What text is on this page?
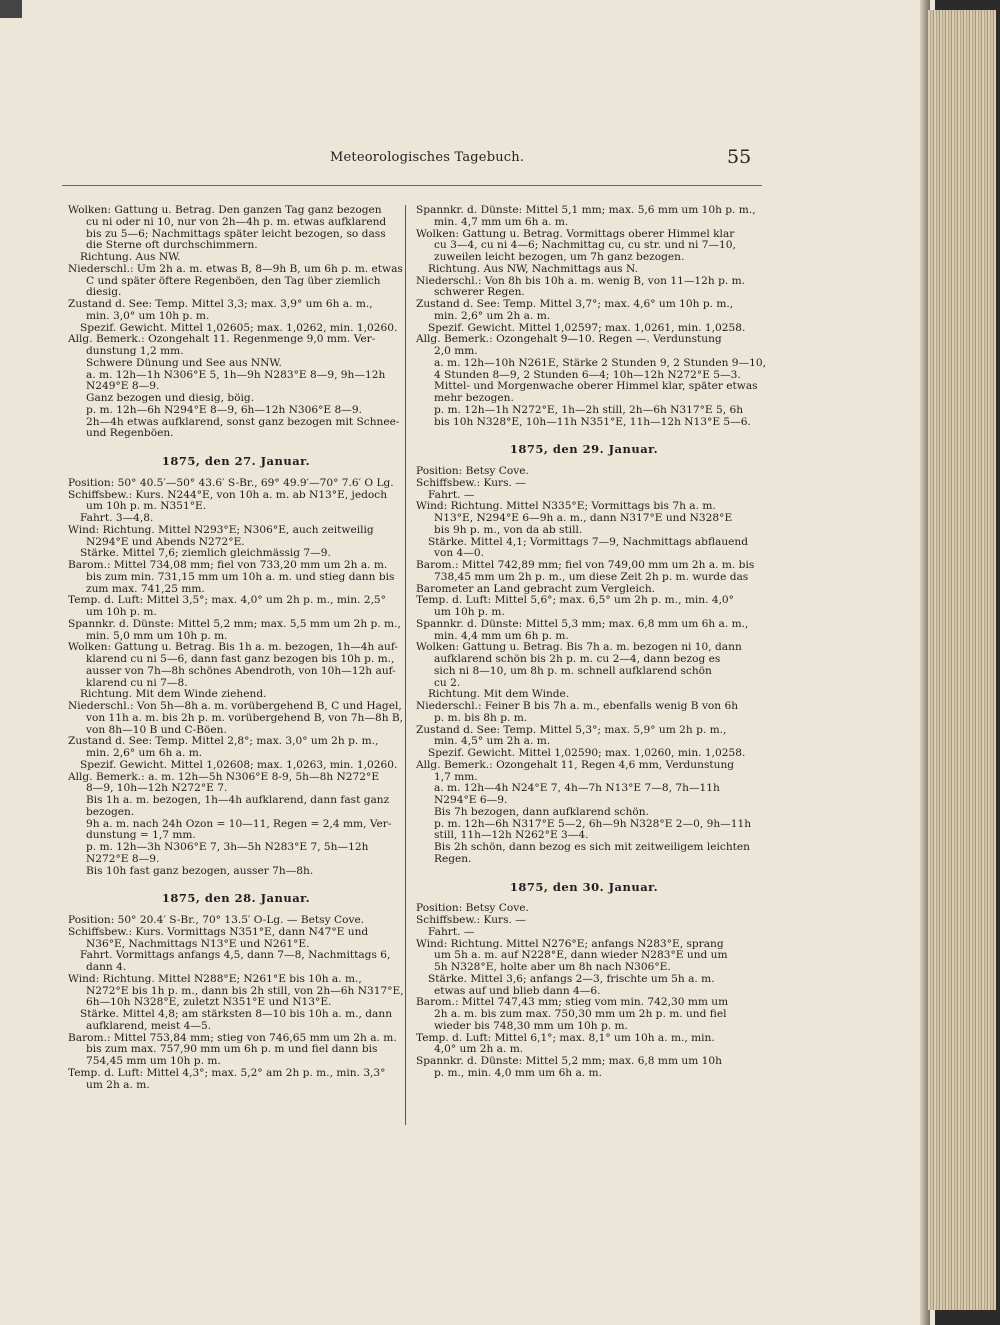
Meteorologisches Tagebuch.	55
Wolken: Gattung u. Betrag. Den ganzen Tag ganz bezogen
cu ni oder ni 10, nur von 2h—4h p. m. etwas aufklarend
bis zu 5—6; Nachmittags später leicht bezogen, so dass
die Sterne oft durchschimmern.
Richtung. Aus NW.
Niederschl.: Um 2h a. m. etwas B, 8—9h B, um 6h p. m. etwas
C und später öftere Regenböen, den Tag über ziemlich
diesig.
Zustand d. See: Temp. Mittel 3,3; max. 3,9° um 6h a. m.,
min. 3,0° um 10h p. m.
Spezif. Gewicht. Mittel 1,02605; max. 1,0262, min. 1,0260.
Allg. Bemerk.: Ozongehalt 11. Regenmenge 9,0 mm. Ver-
dunstung 1,2 mm.
Schwere Dünung und See aus NNW.
a. m. 12h—1h N306°E 5, 1h—9h N283°E 8—9, 9h—12h
N249°E 8—9.
Ganz bezogen und diesig, böig.
p. m. 12h—6h N294°E 8—9, 6h—12h N306°E 8—9.
2h—4h etwas aufklarend, sonst ganz bezogen mit Schnee-
und Regenböen.
1875, den 27. Januar.
Position: 50° 40.5′—50° 43.6′ S-Br., 69° 49.9′—70° 7.6′ O Lg.
Schiffsbew.: Kurs. N244°E, von 10h a. m. ab N13°E, jedoch
um 10h p. m. N351°E.
Fahrt. 3—4,8.
Wind: Richtung. Mittel N293°E; N306°E, auch zeitweilig
N294°E und Abends N272°E.
Stärke. Mittel 7,6; ziemlich gleichmässig 7—9.
Barom.: Mittel 734,08 mm; fiel von 733,20 mm um 2h a. m.
bis zum min. 731,15 mm um 10h a. m. und stieg dann bis
zum max. 741,25 mm.
Temp. d. Luft: Mittel 3,5°; max. 4,0° um 2h p. m., min. 2,5°
um 10h p. m.
Spannkr. d. Dünste: Mittel 5,2 mm; max. 5,5 mm um 2h p. m.,
min. 5,0 mm um 10h p. m.
Wolken: Gattung u. Betrag. Bis 1h a. m. bezogen, 1h—4h auf-
klarend cu ni 5—6, dann fast ganz bezogen bis 10h p. m.,
ausser von 7h—8h schönes Abendroth, von 10h—12h auf-
klarend cu ni 7—8.
Richtung. Mit dem Winde ziehend.
Niederschl.: Von 5h—8h a. m. vorübergehend B, C und Hagel,
von 11h a. m. bis 2h p. m. vorübergehend B, von 7h—8h B,
von 8h—10 B und C-Böen.
Zustand d. See: Temp. Mittel 2,8°; max. 3,0° um 2h p. m.,
min. 2,6° um 6h a. m.
Spezif. Gewicht. Mittel 1,02608; max. 1,0263, min. 1,0260.
Allg. Bemerk.: a. m. 12h—5h N306°E 8-9, 5h—8h N272°E
8—9, 10h—12h N272°E 7.
Bis 1h a. m. bezogen, 1h—4h aufklarend, dann fast ganz
bezogen.
9h a. m. nach 24h Ozon = 10—11, Regen = 2,4 mm, Ver-
dunstung = 1,7 mm.
p. m. 12h—3h N306°E 7, 3h—5h N283°E 7, 5h—12h
N272°E 8—9.
Bis 10h fast ganz bezogen, ausser 7h—8h.
1875, den 28. Januar.
Position: 50° 20.4′ S-Br., 70° 13.5′ O-Lg. — Betsy Cove.
Schiffsbew.: Kurs. Vormittags N351°E, dann N47°E und
N36°E, Nachmittags N13°E und N261°E.
Fahrt. Vormittags anfangs 4,5, dann 7—8, Nachmittags 6,
dann 4.
Wind: Richtung. Mittel N288°E; N261°E bis 10h a. m.,
N272°E bis 1h p. m., dann bis 2h still, von 2h—6h N317°E,
6h—10h N328°E, zuletzt N351°E und N13°E.
Stärke. Mittel 4,8; am stärksten 8—10 bis 10h a. m., dann
aufklarend, meist 4—5.
Barom.: Mittel 753,84 mm; stieg von 746,65 mm um 2h a. m.
bis zum max. 757,90 mm um 6h p. m und fiel dann bis
754,45 mm um 10h p. m.
Temp. d. Luft: Mittel 4,3°; max. 5,2° am 2h p. m., min. 3,3°
um 2h a. m.
Spannkr. d. Dünste: Mittel 5,1 mm; max. 5,6 mm um 10h p. m.,
min. 4,7 mm um 6h a. m.
Wolken: Gattung u. Betrag. Vormittags oberer Himmel klar
cu 3—4, cu ni 4—6; Nachmittag cu, cu str. und ni 7—10,
zuweilen leicht bezogen, um 7h ganz bezogen.
Richtung. Aus NW, Nachmittags aus N.
Niederschl.: Von 8h bis 10h a. m. wenig B, von 11—12h p. m.
schwerer Regen.
Zustand d. See: Temp. Mittel 3,7°; max. 4,6° um 10h p. m.,
min. 2,6° um 2h a. m.
Spezif. Gewicht. Mittel 1,02597; max. 1,0261, min. 1,0258.
Allg. Bemerk.: Ozongehalt 9—10. Regen —. Verdunstung
2,0 mm.
a. m. 12h—10h N261E, Stärke 2 Stunden 9, 2 Stunden 9—10,
4 Stunden 8—9, 2 Stunden 6—4; 10h—12h N272°E 5—3.
Mittel- und Morgenwache oberer Himmel klar, später etwas
mehr bezogen.
p. m. 12h—1h N272°E, 1h—2h still, 2h—6h N317°E 5, 6h
bis 10h N328°E, 10h—11h N351°E, 11h—12h N13°E 5—6.
1875, den 29. Januar.
Position: Betsy Cove.
Schiffsbew.: Kurs. —
Fahrt. —
Wind: Richtung. Mittel N335°E; Vormittags bis 7h a. m.
N13°E, N294°E 6—9h a. m., dann N317°E und N328°E
bis 9h p. m., von da ab still.
Stärke. Mittel 4,1; Vormittags 7—9, Nachmittags abflauend
von 4—0.
Barom.: Mittel 742,89 mm; fiel von 749,00 mm um 2h a. m. bis
738,45 mm um 2h p. m., um diese Zeit 2h p. m. wurde das
Barometer an Land gebracht zum Vergleich.
Temp. d. Luft: Mittel 5,6°; max. 6,5° um 2h p. m., min. 4,0°
um 10h p. m.
Spannkr. d. Dünste: Mittel 5,3 mm; max. 6,8 mm um 6h a. m.,
min. 4,4 mm um 6h p. m.
Wolken: Gattung u. Betrag. Bis 7h a. m. bezogen ni 10, dann
aufklarend schön bis 2h p. m. cu 2—4, dann bezog es
sich ni 8—10, um 8h p. m. schnell aufklarend schön
cu 2.
Richtung. Mit dem Winde.
Niederschl.: Feiner B bis 7h a. m., ebenfalls wenig B von 6h
p. m. bis 8h p. m.
Zustand d. See: Temp. Mittel 5,3°; max. 5,9° um 2h p. m.,
min. 4,5° um 2h a. m.
Spezif. Gewicht. Mittel 1,02590; max. 1,0260, min. 1,0258.
Allg. Bemerk.: Ozongehalt 11, Regen 4,6 mm, Verdunstung
1,7 mm.
a. m. 12h—4h N24°E 7, 4h—7h N13°E 7—8, 7h—11h
N294°E 6—9.
Bis 7h bezogen, dann aufklarend schön.
p. m. 12h—6h N317°E 5—2, 6h—9h N328°E 2—0, 9h—11h
still, 11h—12h N262°E 3—4.
Bis 2h schön, dann bezog es sich mit zeitweiligem leichten
Regen.
1875, den 30. Januar.
Position: Betsy Cove.
Schiffsbew.: Kurs. —
Fahrt. —
Wind: Richtung. Mittel N276°E; anfangs N283°E, sprang
um 5h a. m. auf N228°E, dann wieder N283°E und um
5h N328°E, holte aber um 8h nach N306°E.
Stärke. Mittel 3,6; anfangs 2—3, frischte um 5h a. m.
etwas auf und blieb dann 4—6.
Barom.: Mittel 747,43 mm; stieg vom min. 742,30 mm um
2h a. m. bis zum max. 750,30 mm um 2h p. m. und fiel
wieder bis 748,30 mm um 10h p. m.
Temp. d. Luft: Mittel 6,1°; max. 8,1° um 10h a. m., min.
4,0° um 2h a. m.
Spannkr. d. Dünste: Mittel 5,2 mm; max. 6,8 mm um 10h
p. m., min. 4,0 mm um 6h a. m.
